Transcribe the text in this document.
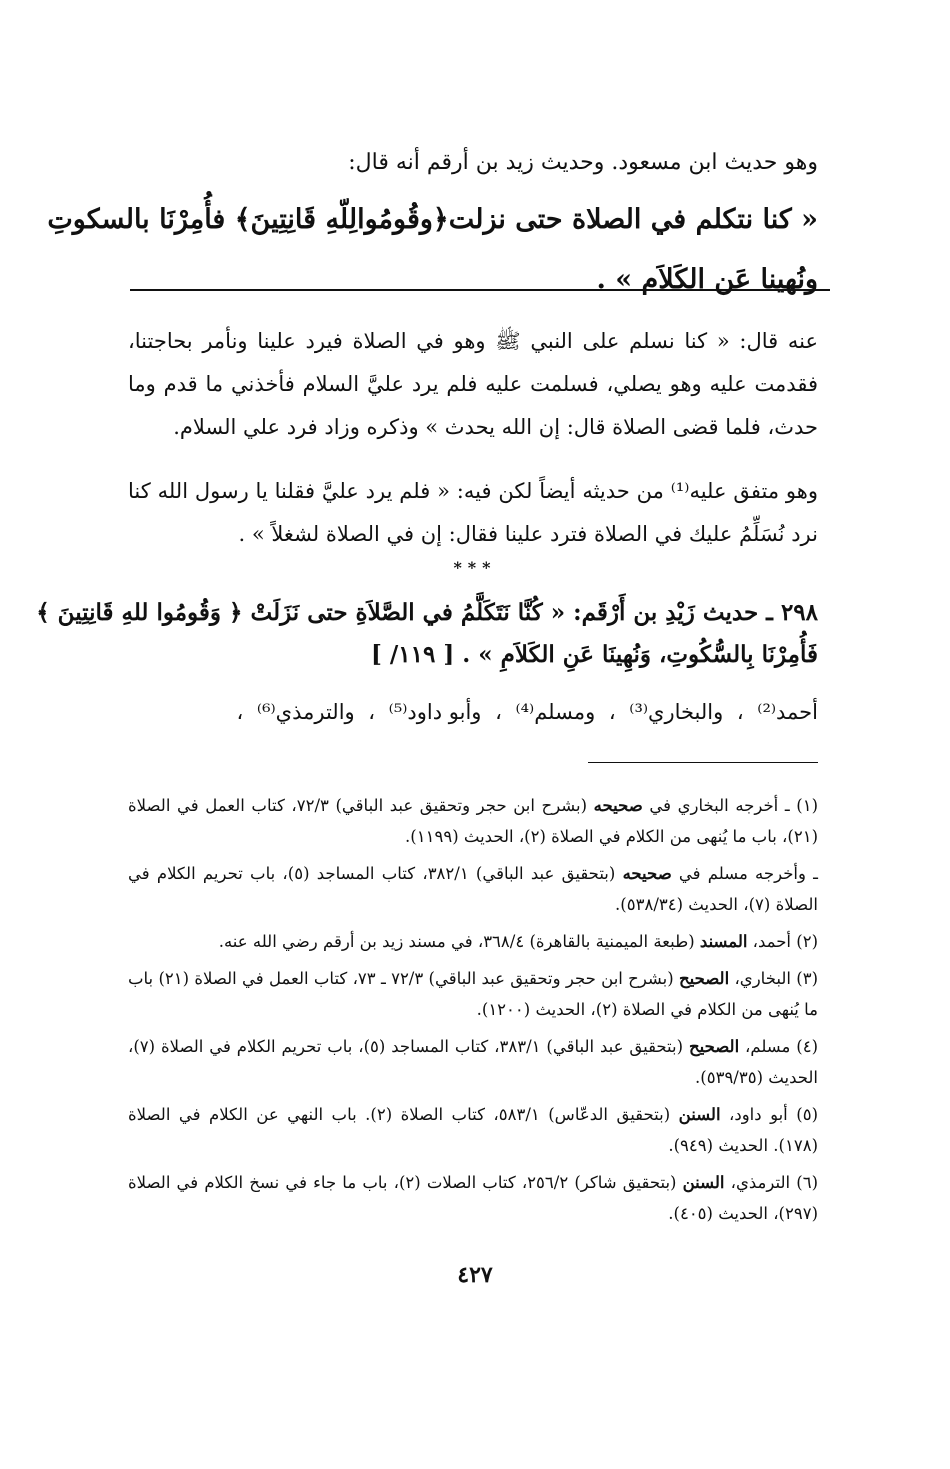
وهو حديث ابن مسعود. وحديث زيد بن أرقم أنه قال:
« كنا نتكلم في الصلاة حتى نزلت﴿وقُومُوالِلّهِ قَانِتِينَ﴾ فأُمِرْنَا بالسكوتِ
ونُهينا عَن الكَلاَم » .
عنه قال: « كنا نسلم على النبي ﷺ وهو في الصلاة فيرد علينا ونأمر بحاجتنا، فقدمت عليه وهو يصلي، فسلمت عليه فلم يرد عليَّ السلام فأخذني ما قدم وما حدث، فلما قضى الصلاة قال: إن الله يحدث » وذكره وزاد فرد علي السلام.
وهو متفق عليه⁽¹⁾ من حديثه أيضاً لكن فيه: « فلم يرد عليَّ فقلنا يا رسول الله كنا نرد نُسَلِّمُ عليك في الصلاة فترد علينا فقال: إن في الصلاة لشغلاً » .
***
٢٩٨ ـ حديث زَيْدِ بن أَرْقَم: « كُنَّا نَتَكَلَّمُ في الصَّلاَةِ حتى نَزَلَتْ ﴿ وَقُومُوا للهِ قَانِتِينَ ﴾
فَأُمِرْنَا بِالسُّكُوتِ، وَنُهِينَا عَنِ الكَلاَمِ » . [ ١١٩/ ]
أحمد⁽²⁾،والبخاري⁽³⁾،ومسلم⁽⁴⁾،وأبو داود⁽⁵⁾،والترمذي⁽⁶⁾،
(١) ـ أخرجه البخاري في صحيحه (بشرح ابن حجر وتحقيق عبد الباقي) ٧٢/٣، كتاب العمل في الصلاة (٢١)، باب ما يُنهى من الكلام في الصلاة (٢)، الحديث (١١٩٩).
ـ وأخرجه مسلم في صحيحه (بتحقيق عبد الباقي) ٣٨٢/١، كتاب المساجد (٥)، باب تحريم الكلام في الصلاة (٧)، الحديث (٥٣٨/٣٤).
(٢) أحمد، المسند (طبعة الميمنية بالقاهرة) ٣٦٨/٤، في مسند زيد بن أرقم رضي الله عنه.
(٣) البخاري، الصحيح (بشرح ابن حجر وتحقيق عبد الباقي) ٧٢/٣ ـ ٧٣، كتاب العمل في الصلاة (٢١) باب ما يُنهى من الكلام في الصلاة (٢)، الحديث (١٢٠٠).
(٤) مسلم، الصحيح (بتحقيق عبد الباقي) ٣٨٣/١، كتاب المساجد (٥)، باب تحريم الكلام في الصلاة (٧)، الحديث (٥٣٩/٣٥).
(٥) أبو داود، السنن (بتحقيق الدعّاس) ٥٨٣/١، كتاب الصلاة (٢). باب النهي عن الكلام في الصلاة (١٧٨). الحديث (٩٤٩).
(٦) الترمذي، السنن (بتحقيق شاكر) ٢٥٦/٢، كتاب الصلات (٢)، باب ما جاء في نسخ الكلام في الصلاة (٢٩٧)، الحديث (٤٠٥).
٤٢٧
